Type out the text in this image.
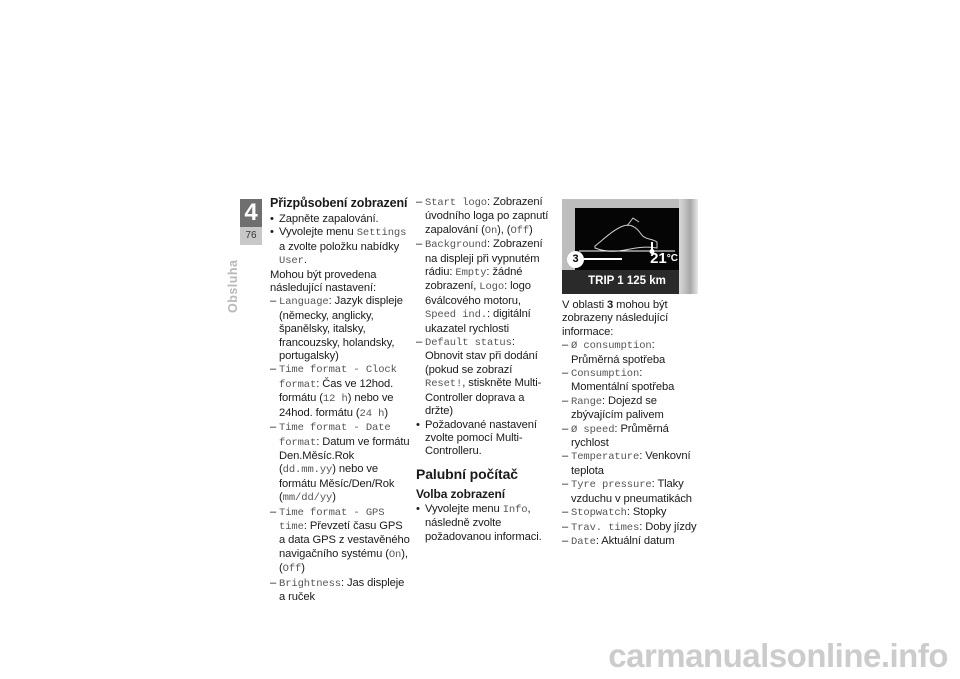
4
76
Obsluha
Přizpůsobení zobrazení
• Zapněte zapalování.
• Vyvolejte menu Settings a zvolte položku nabídky User.

Mohou být provedena následující nastavení:

– Language: Jazyk displeje (německy, anglicky, španělsky, italsky, francouzsky, holandsky, portugalsky)
– Time format - Clock format: Čas ve 12hod. formátu (12 h) nebo ve 24hod. formátu (24 h)
– Time format - Date format: Datum ve formátu Den.Měsíc.Rok (dd.mm.yy) nebo ve formátu Měsíc/Den/Rok (mm/dd/yy)
– Time format - GPS time: Převzetí času GPS a data GPS z vestavěného navigačního systému (On), (Off)
– Brightness: Jas displeje a ruček
– Start logo: Zobrazení úvodního loga po zapnutí zapalování (On), (Off)
– Background: Zobrazení na displeji při vypnutém rádiu: Empty: žádné zobrazení, Logo: logo 6válcového motoru, Speed ind.: digitální ukazatel rychlosti
– Default status: Obnovit stav při dodání (pokud se zobrazí Reset!, stiskněte Multi-Controller doprava a držte)
• Požadované nastavení zvolte pomocí Multi-Controlleru.
Palubní počítač
Volba zobrazení
• Vyvolejte menu Info, následně zvolte požadovanou informaci.
21°C
TRIP 1 125 km
3

V oblasti 3 mohou být zobrazeny následující informace:

– Ø consumption: Průměrná spotřeba
– Consumption: Momentální spotřeba
– Range: Dojezd se zbývajícím palivem
– Ø speed: Průměrná rychlost
– Temperature: Venkovní teplota
– Tyre pressure: Tlaky vzduchu v pneumatikách
– Stopwatch: Stopky
– Trav. times: Doby jízdy
– Date: Aktuální datum
carmanualsonline.info
